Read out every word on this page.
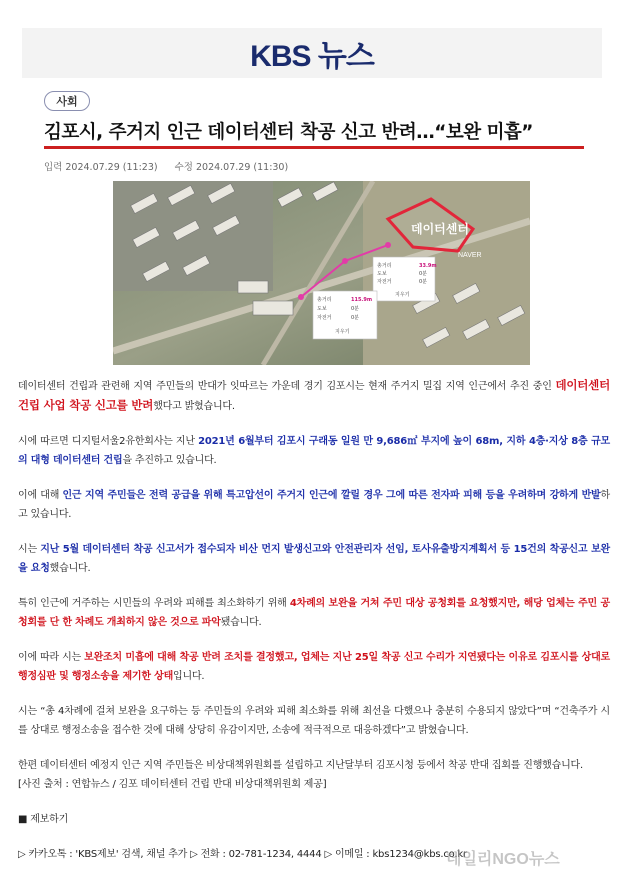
KBS 뉴스
사회
김포시, 주거지 인근 데이터센터 착공 신고 반려…“보완 미흡”
입력 2024.07.29 (11:23) 수정 2024.07.29 (11:30)
데이터센터
NAVER
총거리
도보
자전거
33.9m
0분
0분
지우기
총거리
도보
자전거
115.9m
0분
0분
지우기

데이터센터 건립과 관련해 지역 주민들의 반대가 잇따르는 가운데 경기 김포시는 현재 주거지 밀집 지역 인근에서 추진 중인 데이터센터 건립 사업 착공 신고를 반려했다고 밝혔습니다.

시에 따르면 디지털서울2유한회사는 지난 2021년 6월부터 김포시 구래동 일원 만 9,686㎡ 부지에 높이 68m, 지하 4층·지상 8층 규모의 대형 데이터센터 건립을 추진하고 있습니다.

이에 대해 인근 지역 주민들은 전력 공급을 위해 특고압선이 주거지 인근에 깔릴 경우 그에 따른 전자파 피해 등을 우려하며 강하게 반발하고 있습니다.

시는 지난 5월 데이터센터 착공 신고서가 접수되자 비산 먼지 발생신고와 안전관리자 선임, 토사유출방지계획서 등 15건의 착공신고 보완을 요청했습니다.

특히 인근에 거주하는 시민들의 우려와 피해를 최소화하기 위해 4차례의 보완을 거쳐 주민 대상 공청회를 요청했지만, 해당 업체는 주민 공청회를 단 한 차례도 개최하지 않은 것으로 파악됐습니다.

이에 따라 시는 보완조치 미흡에 대해 착공 반려 조치를 결정했고, 업체는 지난 25일 착공 신고 수리가 지연됐다는 이유로 김포시를 상대로 행정심판 및 행정소송을 제기한 상태입니다.

시는 “총 4차례에 걸쳐 보완을 요구하는 등 주민들의 우려와 피해 최소화를 위해 최선을 다했으나 충분히 수용되지 않았다”며 “건축주가 시를 상대로 행정소송을 접수한 것에 대해 상당히 유감이지만, 소송에 적극적으로 대응하겠다”고 밝혔습니다.

한편 데이터센터 예정지 인근 지역 주민들은 비상대책위원회를 설립하고 지난달부터 김포시청 등에서 착공 반대 집회를 진행했습니다.

[사진 출처 : 연합뉴스 / 김포 데이터센터 건립 반대 비상대책위원회 제공]

■ 제보하기

▷ 카카오톡 : 'KBS제보' 검색, 채널 추가 ▷ 전화 : 02-781-1234, 4444 ▷ 이메일 : kbs1234@kbs.co.kr

데일리NGO뉴스
